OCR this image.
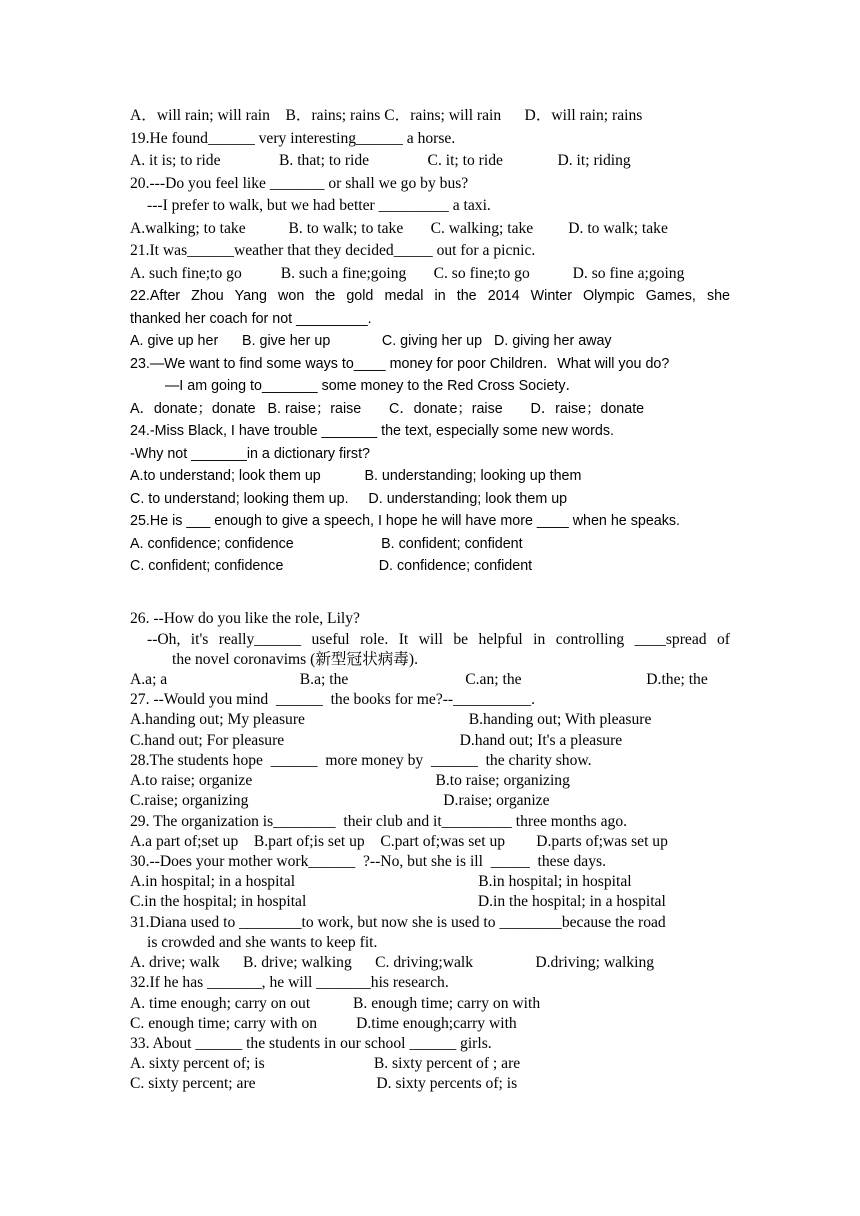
A．will rain; will rain    B．rains; rains C．rains; will rain      D．will rain; rains

19.He found______ very interesting______ a horse.

A. it is; to ride               B. that; to ride               C. it; to ride              D. it; riding

20.---Do you feel like _______ or shall we go by bus?

---I prefer to walk, but we had better _________ a taxi.

A.walking; to take           B. to walk; to take       C. walking; take         D. to walk; take

21.It was______weather that they decided_____ out for a picnic.

A. such fine;to go          B. such a fine;going       C. so fine;to go           D. so fine a;going

22.After Zhou Yang won the gold medal in the 2014 Winter Olympic Games, she

thanked her coach for not _________.

A. give up her      B. give her up             C. giving her up   D. giving her away

23.—We want to find some ways to____ money for poor Children．What will you do?

—I am going to_______ some money to the Red Cross Society．

A．donate；donate   B. raise；raise       C．donate；raise       D．raise；donate

24.-Miss Black, I have trouble _______ the text, especially some new words.

-Why not _______in a dictionary first?

A.to understand; look them up           B. understanding; looking up them

C. to understand; looking them up.     D. understanding; look them up

25.He is ___ enough to give a speech, I hope he will have more ____ when he speaks.

A. confidence; confidence                      B. confident; confident

C. confident; confidence                        D. confidence; confident

26. --How do you like the role, Lily?

--Oh, it's really______ useful role. It will be helpful in controlling ____spread of

the novel coronavims (新型冠状病毒).

A.a; a                                  B.a; the                              C.an; the                                D.the; the

27. --Would you mind  ______  the books for me?--__________.

A.handing out; My pleasure                                          B.handing out; With pleasure

C.hand out; For pleasure                                             D.hand out; It's a pleasure

28.The students hope  ______  more money by  ______  the charity show.

A.to raise; organize                                               B.to raise; organizing

C.raise; organizing                                                  D.raise; organize

29. The organization is________  their club and it_________ three months ago.

A.a part of;set up    B.part of;is set up    C.part of;was set up        D.parts of;was set up

30.--Does your mother work______  ?--No, but she is ill  _____  these days.

A.in hospital; in a hospital                                               B.in hospital; in hospital

C.in the hospital; in hospital                                            D.in the hospital; in a hospital

31.Diana used to ________to work, but now she is used to ________because the road

is crowded and she wants to keep fit.

A. drive; walk      B. drive; walking      C. driving;walk                D.driving; walking

32.If he has _______, he will _______his research.

A. time enough; carry on out           B. enough time; carry on with

C. enough time; carry with on          D.time enough;carry with

33. About ______ the students in our school ______ girls.

A. sixty percent of; is                            B. sixty percent of ; are

C. sixty percent; are                               D. sixty percents of; is
